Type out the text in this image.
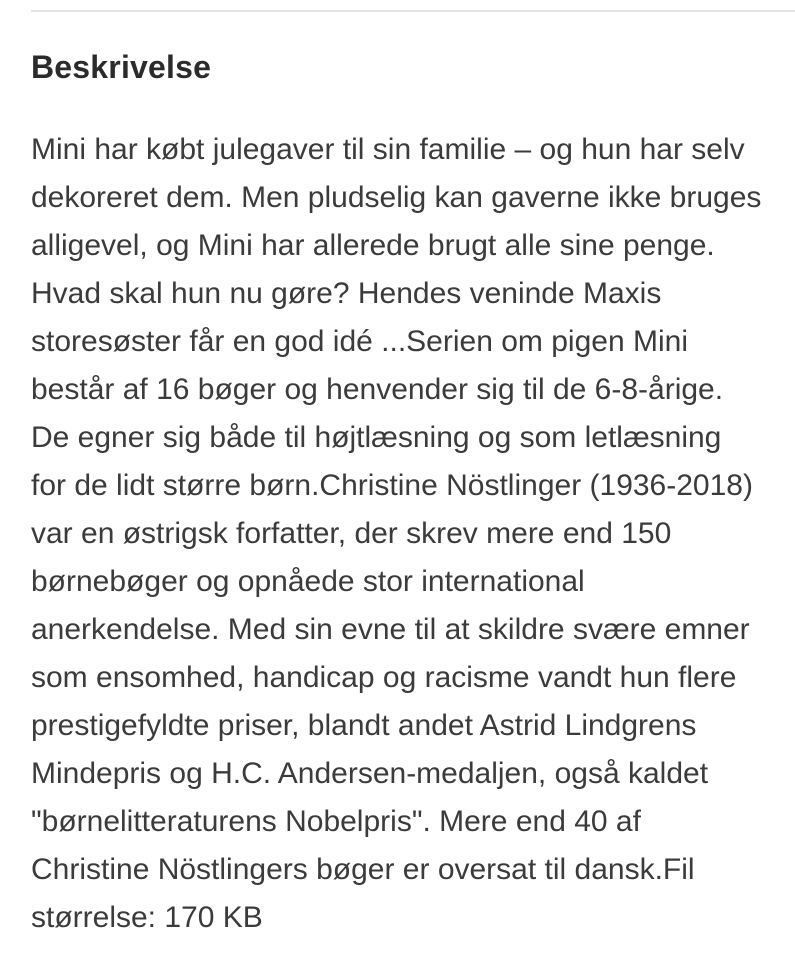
Beskrivelse

Mini har købt julegaver til sin familie – og hun har selv dekoreret dem. Men pludselig kan gaverne ikke bruges alligevel, og Mini har allerede brugt alle sine penge. Hvad skal hun nu gøre? Hendes veninde Maxis storesøster får en god idé ...Serien om pigen Mini består af 16 bøger og henvender sig til de 6-8-årige. De egner sig både til højtlæsning og som letlæsning for de lidt større børn.Christine Nöstlinger (1936-2018) var en østrigsk forfatter, der skrev mere end 150 børnebøger og opnåede stor international anerkendelse. Med sin evne til at skildre svære emner som ensomhed, handicap og racisme vandt hun flere prestigefyldte priser, blandt andet Astrid Lindgrens Mindepris og H.C. Andersen-medaljen, også kaldet "børnelitteraturens Nobelpris". Mere end 40 af Christine Nöstlingers bøger er oversat til dansk.Fil størrelse: 170 KB
